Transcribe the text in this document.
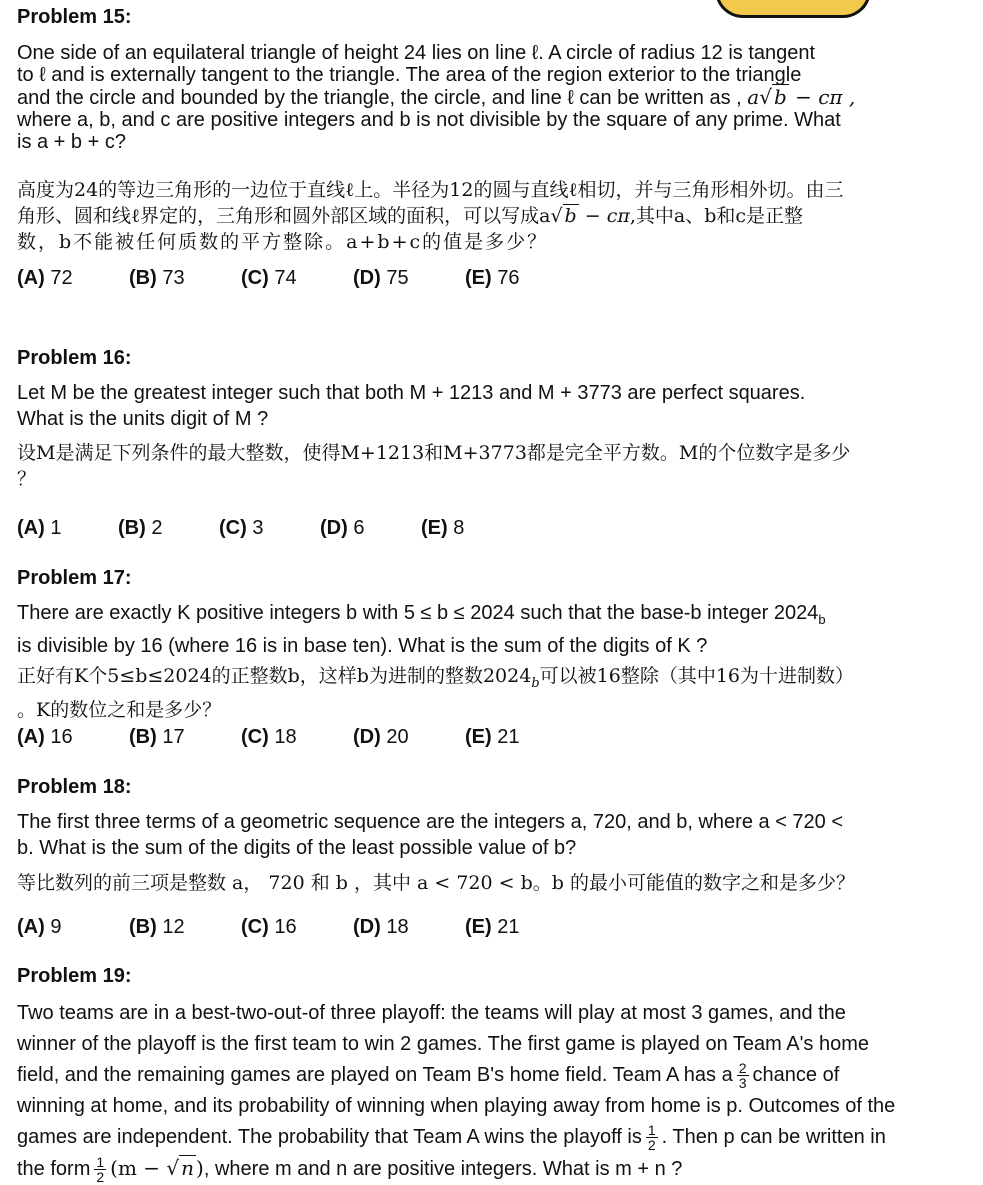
Problem 15:

One side of an equilateral triangle of height 24 lies on line ℓ. A circle of radius 12 is tangent

to ℓ and is externally tangent to the triangle. The area of the region exterior to the triangle

and the circle and bounded by the triangle, the circle, and line ℓ can be written as , a√ b − cπ ,

where a, b, and c are positive integers and b is not divisible by the square of any prime. What

is a + b + c?

高度为24的等边三角形的一边位于直线ℓ上。半径为12的圆与直线ℓ相切，并与三角形相外切。由三

角形、圆和线ℓ界定的，三角形和圆外部区域的面积，可以写成a√ b − cπ,其中a、b和c是正整

数，b不能被任何质数的平方整除。a+b+c的值是多少？

(A) 72	(B) 73	(C) 74	(D) 75	(E) 76

Problem 16:

Let M be the greatest integer such that both M + 1213 and M + 3773 are perfect squares.

What is the units digit of M ?

设M是满足下列条件的最大整数，使得M+1213和M+3773都是完全平方数。M的个位数字是多少

？

(A) 1	(B) 2	(C) 3	(D) 6	(E) 8

Problem 17:

There are exactly K positive integers b with 5 ≤ b ≤ 2024 such that the base-b integer $2024_b$

is divisible by 16 (where 16 is in base ten). What is the sum of the digits of K ?

正好有K个5≤b≤2024的正整数b，这样b为进制的整数$2024_b$可以被16整除（其中16为十进制数）

。K的数位之和是多少？

(A) 16	(B) 17	(C) 18	(D) 20	(E) 21

Problem 18:

The first three terms of a geometric sequence are the integers a, 720, and b, where a < 720 <

b. What is the sum of the digits of the least possible value of b?

等比数列的前三项是整数 a， 720 和 b ，其中 a < 720 < b。b 的最小可能值的数字之和是多少？

(A) 9	(B) 12	(C) 16	(D) 18	(E) 21

Problem 19:

Two teams are in a best-two-out-of three playoff: the teams will play at most 3 games, and the

winner of the playoff is the first team to win 2 games. The first game is played on Team A's home

field, and the remaining games are played on Team B's home field. Team A has a $\frac{2}{3}$ chance of

winning at home, and its probability of winning when playing away from home is p. Outcomes of the

games are independent. The probability that Team A wins the playoff is $\frac{1}{2}$ . Then p can be written in

the form $\frac{1}{2} (m$ − √ n ), where m and n are positive integers. What is m + n ?
